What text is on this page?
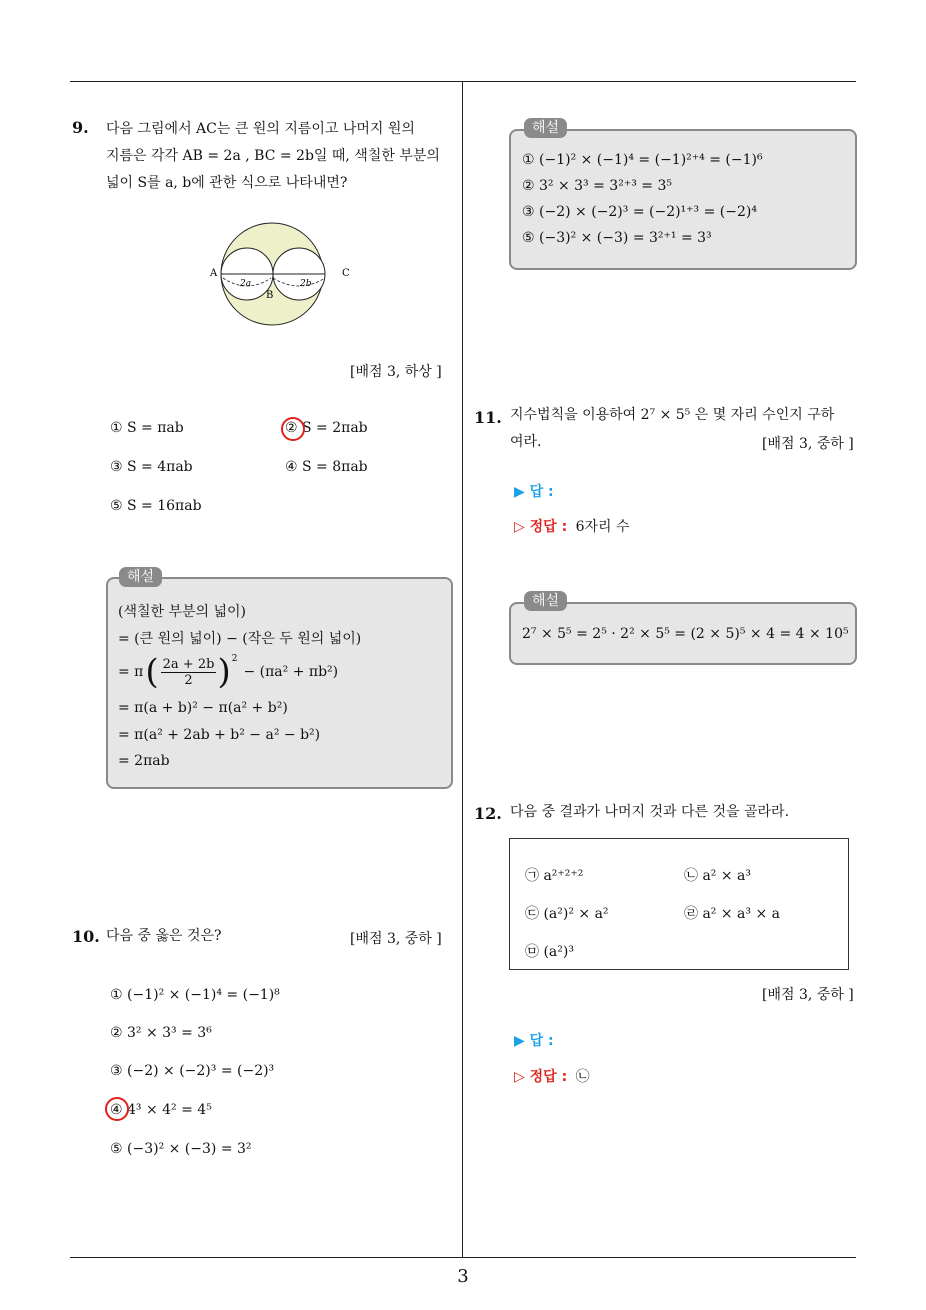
3
9. 다음 그림에서 AC는 큰 원의 지름이고 나머지 원의
지름은 각각 AB = 2a , BC = 2b일 때, 색칠한 부분의
넓이 S를 a, b에 관한 식으로 나타내면?
A
B
C
2a	2b
[배점 3, 하상 ]
① S = πab	② S = 2πab
③ S = 4πab	④ S = 8πab
⑤ S = 16πab
해설
(색칠한 부분의 넓이)
= (큰 원의 넓이) − (작은 두 원의 넓이)
= π ( $\frac{2a + 2b}{2} )^2$
− (πa² + πb²)
= π(a + b)² − π(a² + b²)
= π(a² + 2ab + b² − a² − b²)
= 2πab
10. 다음 중 옳은 것은?	[배점 3, 중하 ]
① (−1)² × (−1)⁴ = (−1)⁸
② 3² × 3³ = 3⁶
③ (−2) × (−2)³ = (−2)³
④ 4³ × 4² = 4⁵
⑤ (−3)² × (−3) = 3²
해설
① (−1)² × (−1)⁴ = (−1)²⁺⁴ = (−1)⁶
② 3² × 3³ = 3²⁺³ = 3⁵
③ (−2) × (−2)³ = (−2)¹⁺³ = (−2)⁴
⑤ (−3)² × (−3) = 3²⁺¹ = 3³
11. 지수법칙을 이용하여 2⁷ × 5⁵ 은 몇 자리 수인지 구하
여라.	[배점 3, 중하 ]
▶ 답 :
▷ 정답 : 6자리 수
해설
2⁷ × 5⁵ = 2⁵ · 2² × 5⁵ = (2 × 5)⁵ × 4 = 4 × 10⁵
12. 다음 중 결과가 나머지 것과 다른 것을 골라라.
㉠ a²⁺²⁺²	㉡ a² × a³
㉢ (a²)² × a²	㉣ a² × a³ × a
㉤ (a²)³
[배점 3, 중하 ]
▶ 답 :
▷ 정답 : ㉡
